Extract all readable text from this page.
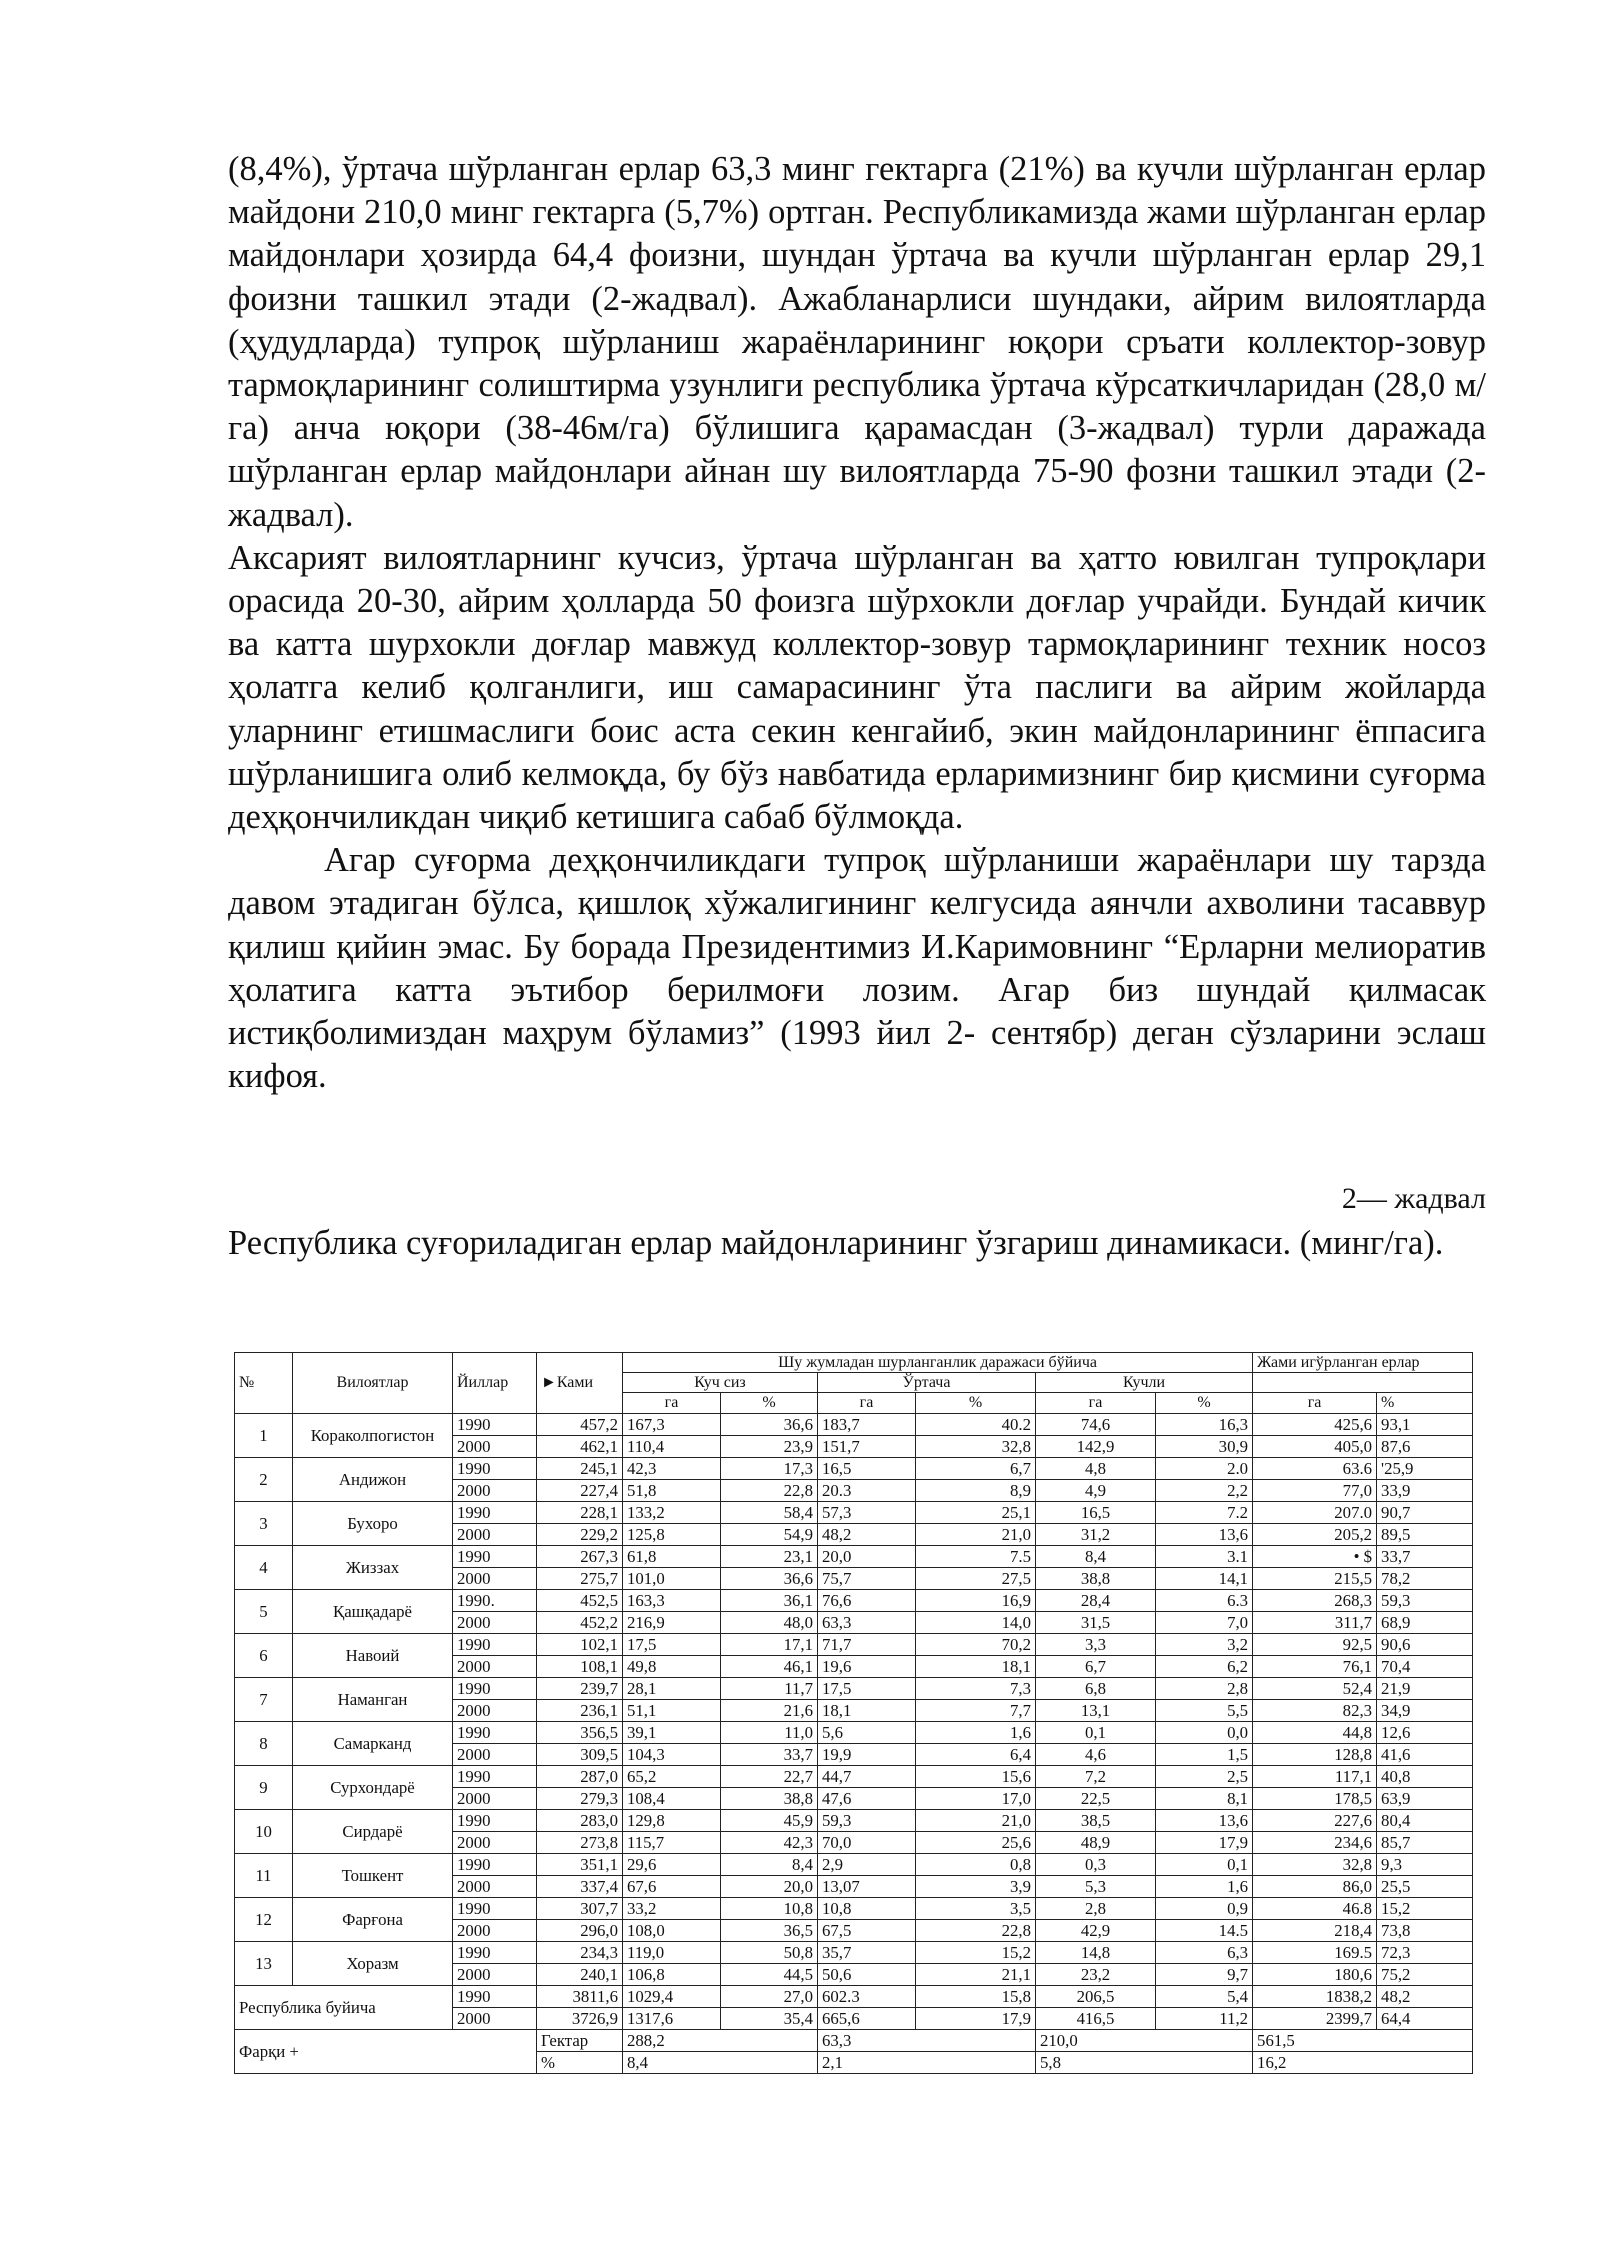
(8,4%), ўртача шўрланган ерлар 63,3 минг гектарга (21%) ва кучли шўрланган ерлар майдони 210,0 минг гектарга (5,7%) ортган. Республикамизда жами шўрланган ерлар майдонлари ҳозирда 64,4 фоизни, шундан ўртача ва кучли шўрланган ерлар 29,1 фоизни ташкил этади (2-жадвал). Ажабланарлиси шундаки, айрим вилоятларда (ҳудудларда) тупроқ шўрланиш жараёнларининг юқори сръати коллектор-зовур тармоқларининг солиштирма узунлиги республика ўртача кўрсаткичларидан (28,0 м/га) анча юқори (38-46м/га) бўлишига қарамасдан (3-жадвал) турли даражада шўрланган ерлар майдонлари айнан шу вилоятларда 75-90 фозни ташкил этади (2-жадвал).

Аксарият вилоятларнинг кучсиз, ўртача шўрланган ва ҳатто ювилган тупроқлари орасида 20-30, айрим ҳолларда 50 фоизга шўрхокли доғлар учрайди. Бундай кичик ва катта шурхокли доғлар мавжуд коллектор-зовур тармоқларининг техник носоз ҳолатга келиб қолганлиги, иш самарасининг ўта паслиги ва айрим жойларда уларнинг етишмаслиги боис аста секин кенгайиб, экин майдонларининг ёппасига шўрланишига олиб келмоқда, бу бўз навбатида ерларимизнинг бир қисмини суғорма деҳқончиликдан чиқиб кетишига сабаб бўлмоқда.

Агар суғорма деҳқончиликдаги тупроқ шўрланиши жараёнлари шу тарзда давом этадиган бўлса, қишлоқ хўжалигининг келгусида аянчли ахволини тасаввур қилиш қийин эмас. Бу борада Президентимиз И.Каримовнинг “Ерларни мелиоратив ҳолатига катта эътибор берилмоғи лозим. Агар биз шундай қилмасак истиқболимиздан маҳрум бўламиз” (1993 йил 2- сентябр) деган сўзларини эслаш кифоя.

2— жадвал
Республика суғориладиган ерлар майдонларининг ўзгариш динамикаси. (минг/га).
№	Вилоятлар	Йиллар	►Ками	Шу жумладан шурланганлик даражаси бўйича						Жами игўрланган ерлар	
				Куч сиз		Ўртача		Кучли			
				га	%	га	%	га	%	га	%
1	Кораколпогистон	1990	457,2	167,3	36,6	183,7	40.2	74,6	16,3	425,6	93,1
		2000	462,1	110,4	23,9	151,7	32,8	142,9	30,9	405,0	87,6
2	Андижон	1990	245,1	42,3	17,3	16,5	6,7	4,8	2.0	63.6	'25,9
		2000	227,4	51,8	22,8	20.3	8,9	4,9	2,2	77,0	33,9
3	Бухоро	1990	228,1	133,2	58,4	57,3	25,1	16,5	7.2	207.0	90,7
		2000	229,2	125,8	54,9	48,2	21,0	31,2	13,6	205,2	89,5
4	Жиззах	1990	267,3	61,8	23,1	20,0	7.5	8,4	3.1	• $	33,7
		2000	275,7	101,0	36,6	75,7	27,5	38,8	14,1	215,5	78,2
5	Қашқадарё	1990.	452,5	163,3	36,1	76,6	16,9	28,4	6.3	268,3	59,3
		2000	452,2	216,9	48,0	63,3	14,0	31,5	7,0	311,7	68,9
6	Навоий	1990	102,1	17,5	17,1	71,7	70,2	3,3	3,2	92,5	90,6
		2000	108,1	49,8	46,1	19,6	18,1	6,7	6,2	76,1	70,4
7	Наманган	1990	239,7	28,1	11,7	17,5	7,3	6,8	2,8	52,4	21,9
		2000	236,1	51,1	21,6	18,1	7,7	13,1	5,5	82,3	34,9
8	Самарканд	1990	356,5	39,1	11,0	5,6	1,6	0,1	0,0	44,8	12,6
		2000	309,5	104,3	33,7	19,9	6,4	4,6	1,5	128,8	41,6
9	Сурхондарё	1990	287,0	65,2	22,7	44,7	15,6	7,2	2,5	117,1	40,8
		2000	279,3	108,4	38,8	47,6	17,0	22,5	8,1	178,5	63,9
10	Сирдарё	1990	283,0	129,8	45,9	59,3	21,0	38,5	13,6	227,6	80,4
		2000	273,8	115,7	42,3	70,0	25,6	48,9	17,9	234,6	85,7
11	Тошкент	1990	351,1	29,6	8,4	2,9	0,8	0,3	0,1	32,8	9,3
		2000	337,4	67,6	20,0	13,07	3,9	5,3	1,6	86,0	25,5
12	Фарғона	1990	307,7	33,2	10,8	10,8	3,5	2,8	0,9	46.8	15,2
		2000	296,0	108,0	36,5	67,5	22,8	42,9	14.5	218,4	73,8
13	Хоразм	1990	234,3	119,0	50,8	35,7	15,2	14,8	6,3	169.5	72,3
		2000	240,1	106,8	44,5	50,6	21,1	23,2	9,7	180,6	75,2
Республика буйича		1990	3811,6	1029,4	27,0	602.3	15,8	206,5	5,4	1838,2	48,2
		2000	3726,9	1317,6	35,4	665,6	17,9	416,5	11,2	2399,7	64,4
Фарқи +			Гектар	288,2		63,3		210,0		561,5	
			%	8,4		2,1		5,8		16,2	
